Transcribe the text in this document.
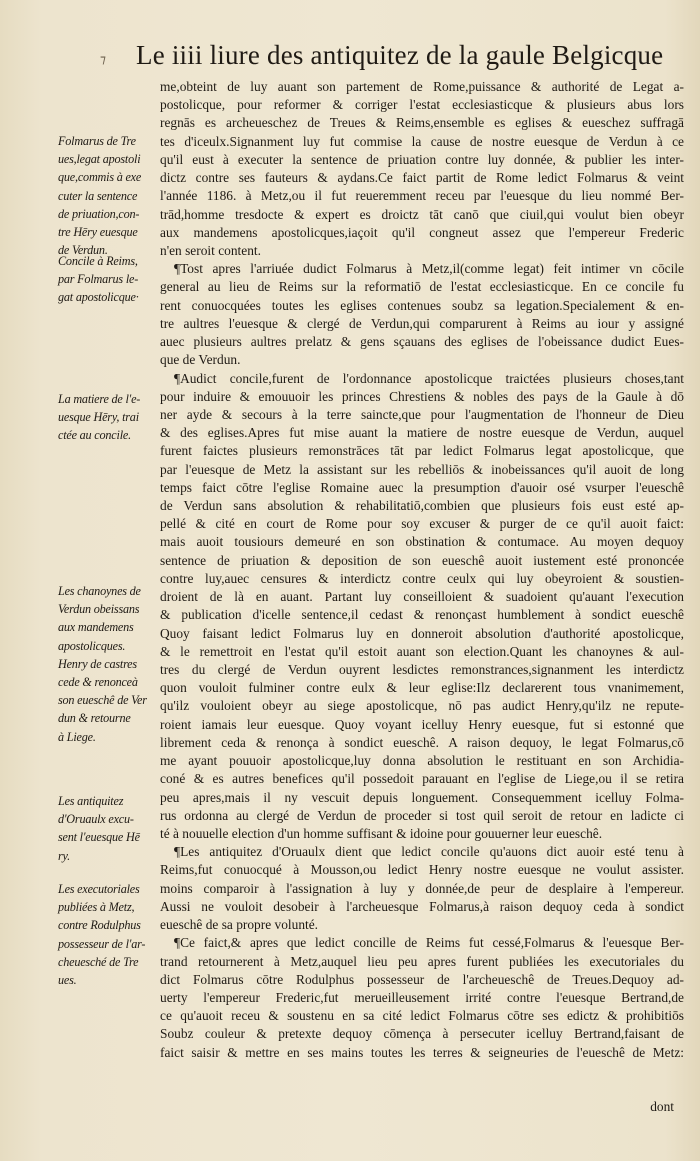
⁊ Le iiii liure des antiquitez de la gaule Belgicque
Folmarus de Tre
ues,legat apostoli
que,commis à exe
cuter la sentence
de priuation,con-
tre Hēry euesque
de Verdun.
Concile à Reims,
par Folmarus le-
gat apostolicque·
La matiere de l'e-
uesque Hēry, trai
ctée au concile.
Les chanoynes de
Verdun obeissans
aux mandemens
apostolicques.
Henry de castres
cede & renonceà
son eueschê de Ver
dun & retourne
à Liege.
Les antiquitez
d'Oruaulx excu-
sent l'euesque Hē
ry.
Les executoriales
publiées à Metz,
contre Rodulphus
possesseur de l'ar-
cheuesché de Tre
ues.
me,obteint de luy auant son partement de Rome,puissance & authorité de Legat a-
postolicque, pour reformer & corriger l'estat ecclesiasticque & plusieurs abus lors
regnās es archeueschez de Treues & Reims,ensemble es eglises & eueschez suffragā
tes d'iceulx.Signanment luy fut commise la cause de nostre euesque de Verdun à ce
qu'il eust à executer la sentence de priuation contre luy donnée, & publier les inter-
dictz contre ses fauteurs & aydans.Ce faict partit de Rome ledict Folmarus & veint
l'année 1186. à Metz,ou il fut reueremment receu par l'euesque du lieu nommé Ber-
trād,homme tresdocte & expert es droictz tāt canō que ciuil,qui voulut bien obeyr
aux mandemens apostolicques,iaçoit qu'il congneut assez que l'empereur Frederic
n'en seroit content.
¶Tost apres l'arriuée dudict Folmarus à Metz,il(comme legat) feit intimer vn cōcile
general au lieu de Reims sur la reformatiō de l'estat ecclesiasticque. En ce concile fu
rent conuocquées toutes les eglises contenues soubz sa legation.Specialement & en-
tre aultres l'euesque & clergé de Verdun,qui comparurent à Reims au iour y assigné
auec plusieurs aultres prelatz & gens sçauans des eglises de l'obeissance dudict Eues-
que de Verdun.
¶Audict concile,furent de l'ordonnance apostolicque traictées plusieurs choses,tant
pour induire & emouuoir les princes Chrestiens & nobles des pays de la Gaule à dō
ner ayde & secours à la terre saincte,que pour l'augmentation de l'honneur de Dieu
& des eglises.Apres fut mise auant la matiere de nostre euesque de Verdun, auquel
furent faictes plusieurs remonstrāces tāt par ledict Folmarus legat apostolicque, que
par l'euesque de Metz la assistant sur les rebelliōs & inobeissances qu'il auoit de long
temps faict cōtre l'eglise Romaine auec la presumption d'auoir osé vsurper l'eueschê
de Verdun sans absolution & rehabilitatiō,combien que plusieurs fois eust esté ap-
pellé & cité en court de Rome pour soy excuser & purger de ce qu'il auoit faict:
mais auoit tousiours demeuré en son obstination & contumace. Au moyen dequoy
sentence de priuation & deposition de son eueschê auoit iustement esté prononcée
contre luy,auec censures & interdictz contre ceulx qui luy obeyroient & soustien-
droient de là en auant. Partant luy conseilloient & suadoient qu'auant l'execution
& publication d'icelle sentence,il cedast & renonçast humblement à sondict eueschê
Quoy faisant ledict Folmarus luy en donneroit absolution d'authorité apostolicque,
& le remettroit en l'estat qu'il estoit auant son election.Quant les chanoynes & aul-
tres du clergé de Verdun ouyrent lesdictes remonstrances,signanment les interdictz
quon vouloit fulminer contre eulx & leur eglise:Ilz declarerent tous vnanimement,
qu'ilz vouloient obeyr au siege apostolicque, nō pas audict Henry,qu'ilz ne repute-
roient iamais leur euesque. Quoy voyant icelluy Henry euesque, fut si estonné que
librement ceda & renonça à sondict eueschê. A raison dequoy, le legat Folmarus,cō
me ayant pouuoir apostolicque,luy donna absolution le restituant en son Archidia-
coné & es autres benefices qu'il possedoit parauant en l'eglise de Liege,ou il se retira
peu apres,mais il ny vescuit depuis longuement. Consequemment icelluy Folma-
rus ordonna au clergé de Verdun de proceder si tost quil seroit de retour en ladicte ci
té à nouuelle election d'un homme suffisant & idoine pour gouuerner leur eueschê.
¶Les antiquitez d'Oruaulx dient que ledict concile qu'auons dict auoir esté tenu à
Reims,fut conuocqué à Mousson,ou ledict Henry nostre euesque ne voulut assister.
moins comparoir à l'assignation à luy y donnée,de peur de desplaire à l'empereur.
Aussi ne vouloit desobeir à l'archeuesque Folmarus,à raison dequoy ceda à sondict
eueschê de sa propre volunté.
¶Ce faict,& apres que ledict concille de Reims fut cessé,Folmarus & l'euesque Ber-
trand retournerent à Metz,auquel lieu peu apres furent publiées les executoriales du
dict Folmarus cōtre Rodulphus possesseur de l'archeueschê de Treues.Dequoy ad-
uerty l'empereur Frederic,fut merueilleusement irrité contre l'euesque Bertrand,de
ce qu'auoit receu & soustenu en sa cité ledict Folmarus cōtre ses edictz & prohibitiōs
Soubz couleur & pretexte dequoy cōmença à persecuter icelluy Bertrand,faisant de
faict saisir & mettre en ses mains toutes les terres & seigneuries de l'eueschê de Metz:
dont
